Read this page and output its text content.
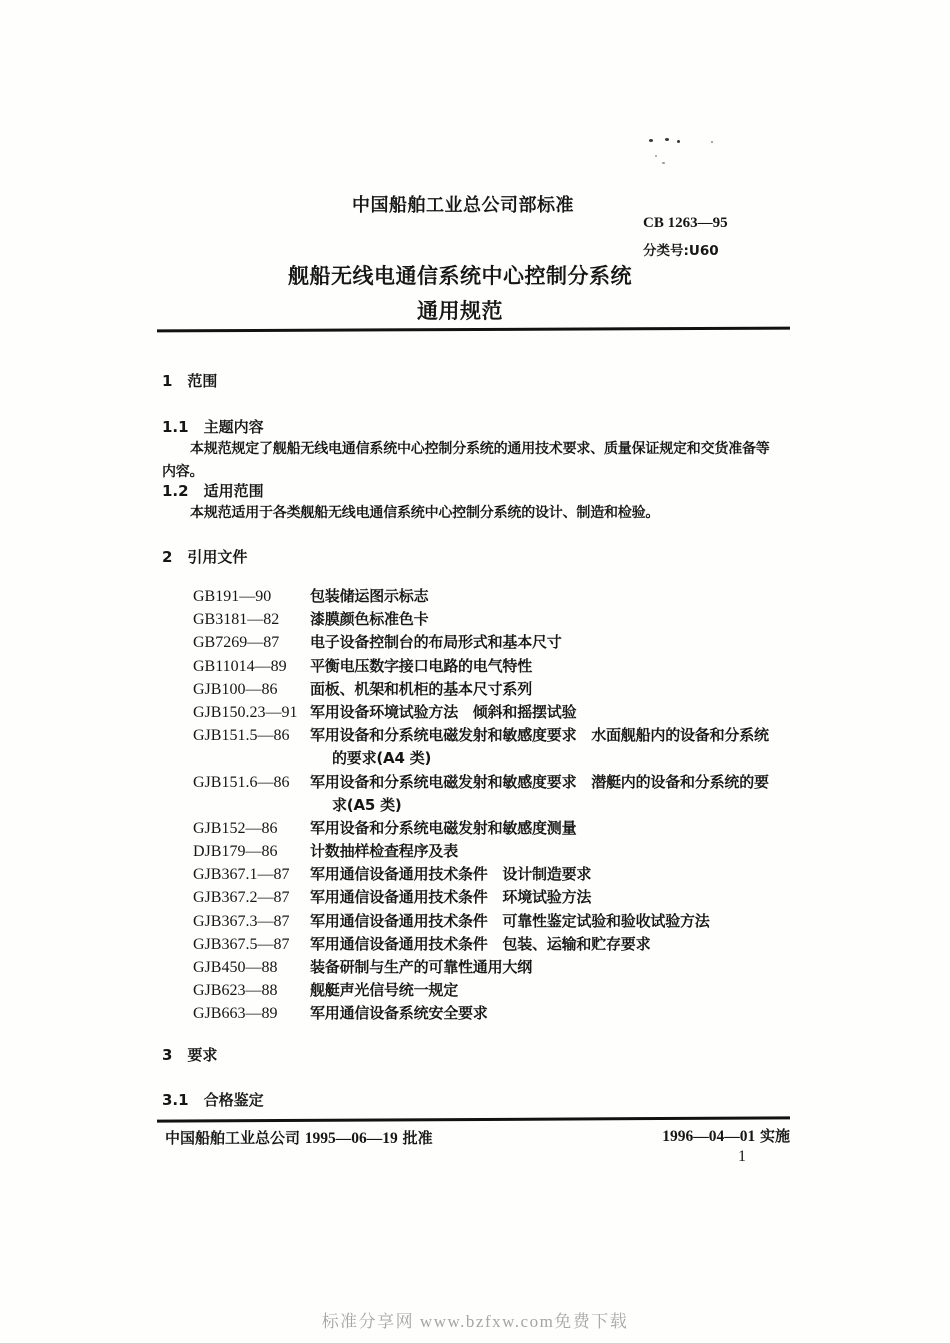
中国船舶工业总公司部标准
CB 1263—95
分类号:U60
舰船无线电通信系统中心控制分系统
通用规范
1　范围
1.1　主题内容
本规范规定了舰船无线电通信系统中心控制分系统的通用技术要求、质量保证规定和交货准备等
内容。
1.2　适用范围
本规范适用于各类舰船无线电通信系统中心控制分系统的设计、制造和检验。
2　引用文件
GB191—90	包装储运图示标志
GB3181—82 漆膜颜色标准色卡
GB7269—87 电子设备控制台的布局形式和基本尺寸
GB11014—89 平衡电压数字接口电路的电气特性
GJB100—86 面板、机架和机柜的基本尺寸系列
GJB150.23—91 军用设备环境试验方法　倾斜和摇摆试验
GJB151.5—86 军用设备和分系统电磁发射和敏感度要求　水面舰船内的设备和分系统
的要求(A4 类)
GJB151.6—86 军用设备和分系统电磁发射和敏感度要求　潜艇内的设备和分系统的要
求(A5 类)
GJB152—86 军用设备和分系统电磁发射和敏感度测量
DJB179—86 计数抽样检查程序及表
GJB367.1—87 军用通信设备通用技术条件　设计制造要求
GJB367.2—87 军用通信设备通用技术条件　环境试验方法
GJB367.3—87 军用通信设备通用技术条件　可靠性鉴定试验和验收试验方法
GJB367.5—87 军用通信设备通用技术条件　包装、运输和贮存要求
GJB450—88 装备研制与生产的可靠性通用大纲
GJB623—88 舰艇声光信号统一规定
GJB663—89 军用通信设备系统安全要求
3　要求
3.1　合格鉴定
中国船舶工业总公司 1995—06—19 批准	1996—04—01 实施
1
标准分享网 www.bzfxw.com免费下载
